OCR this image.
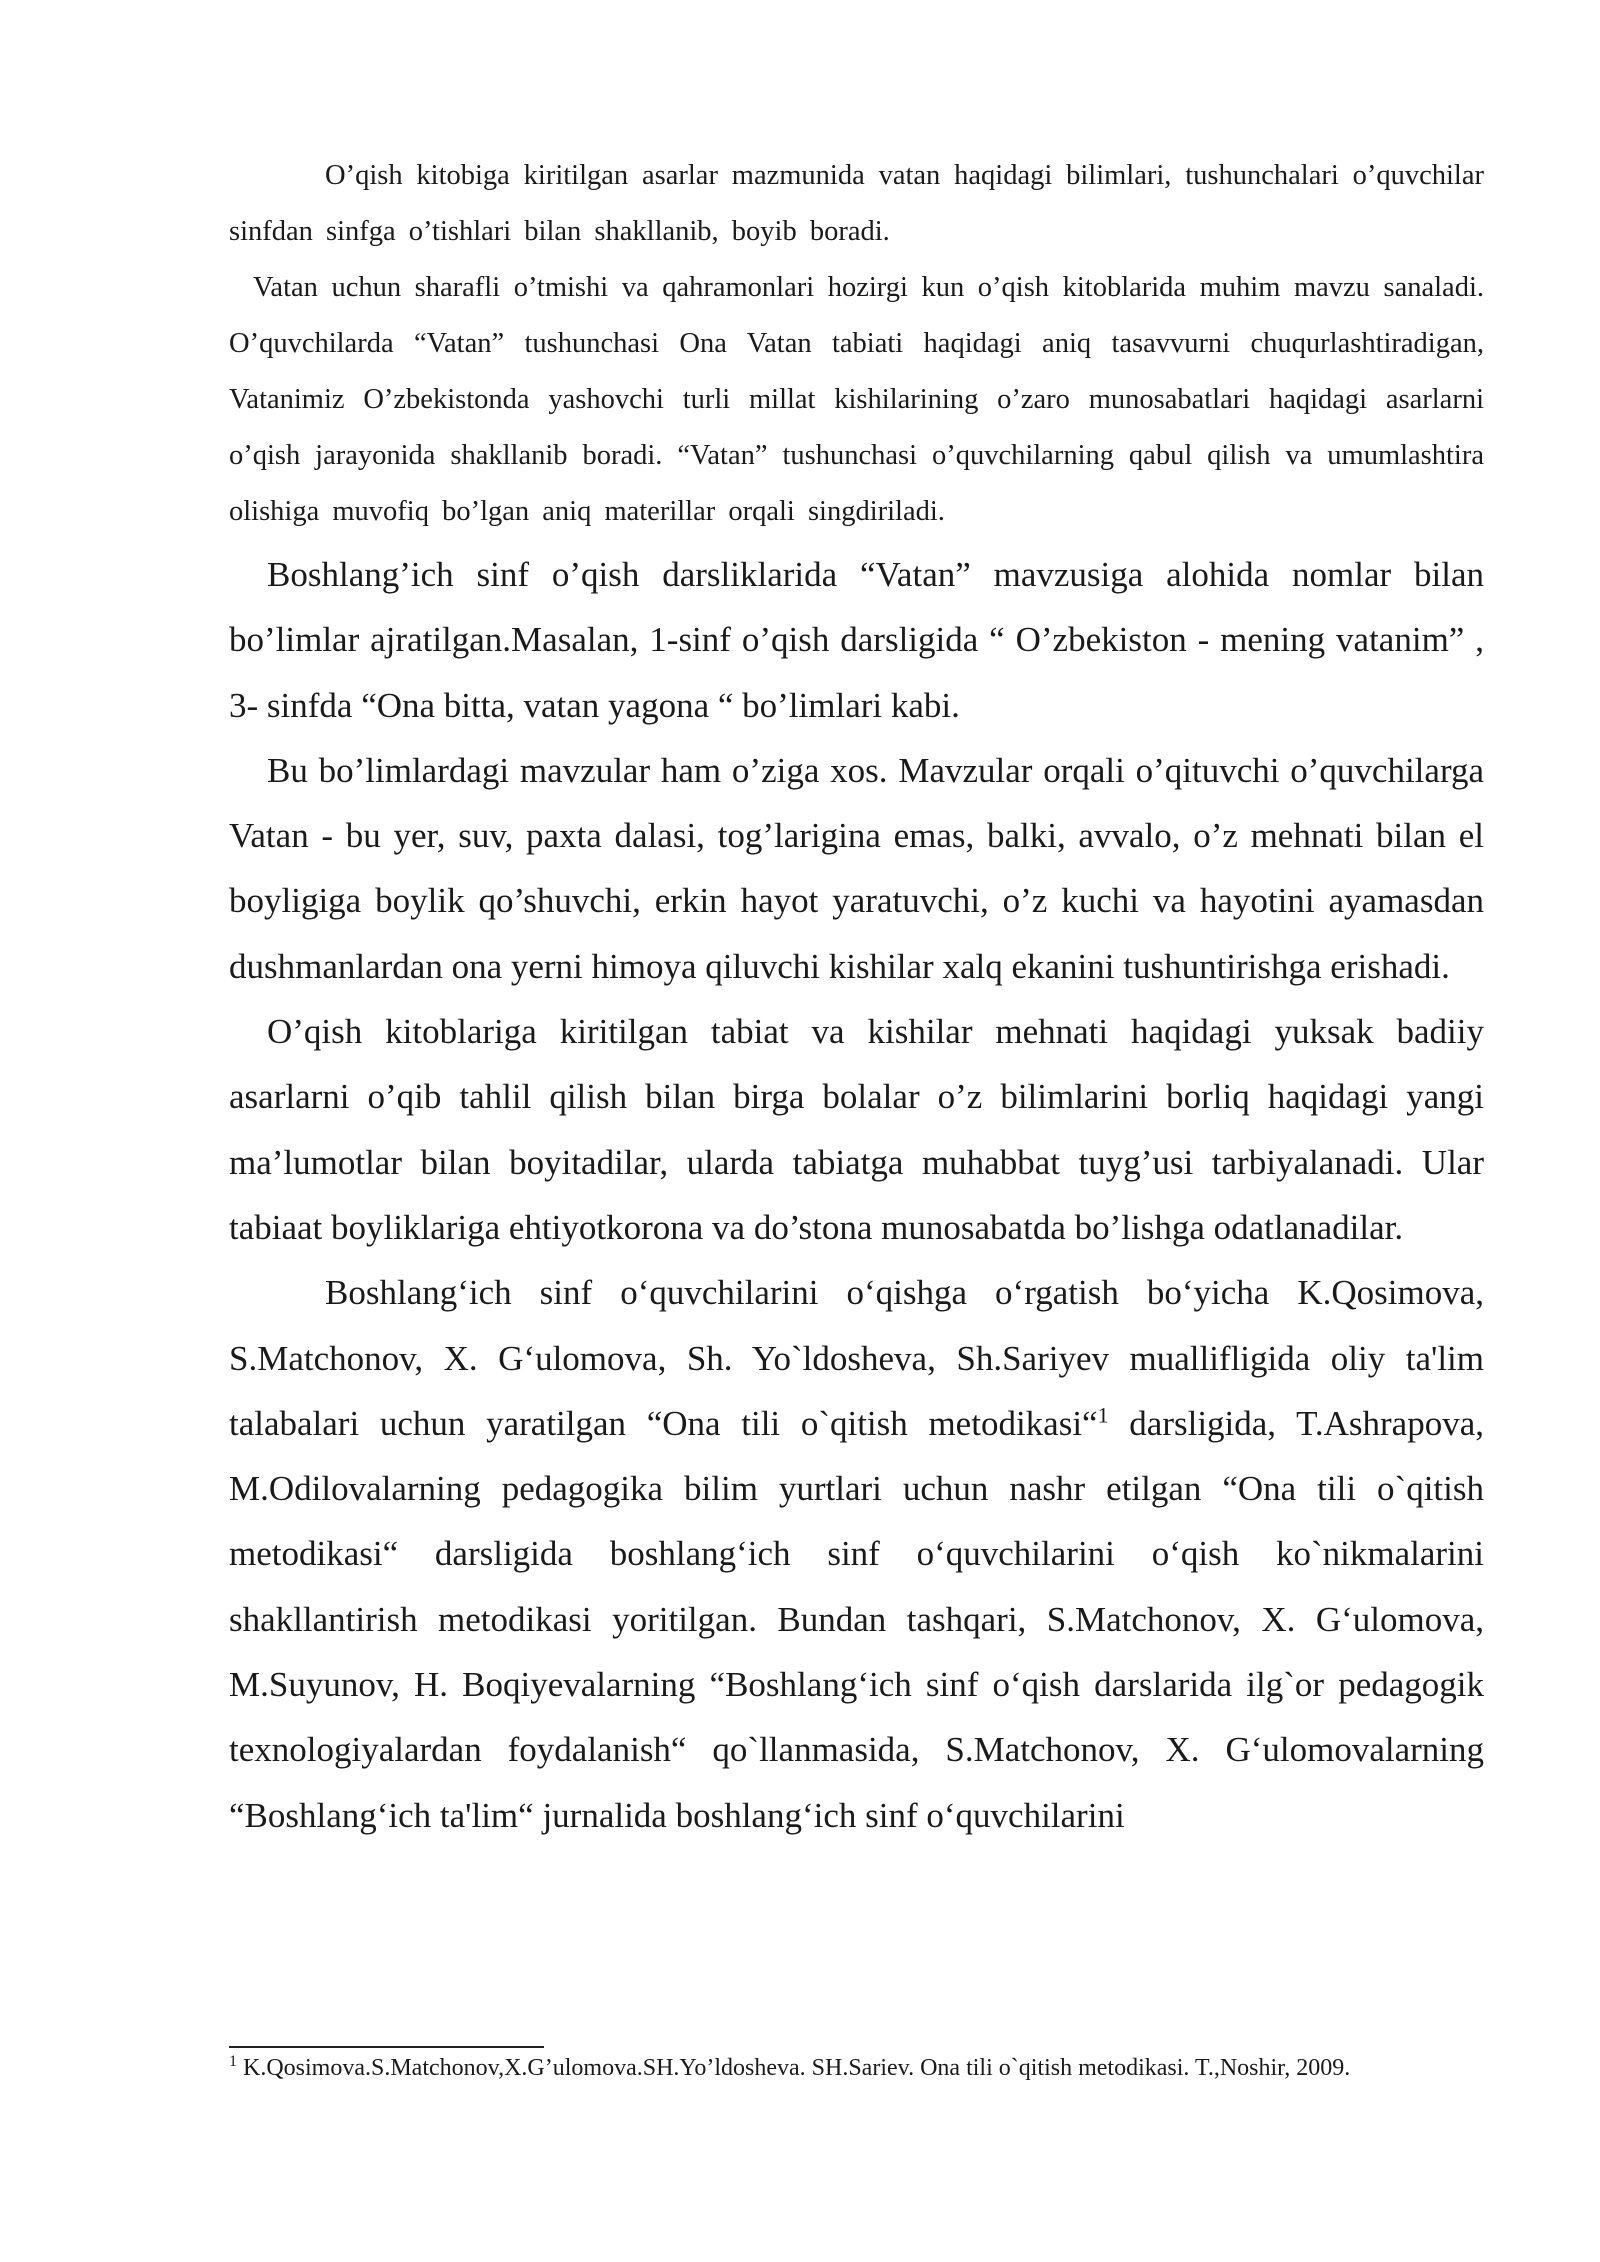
O’qish kitobiga kiritilgan asarlar mazmunida vatan haqidagi bilimlari, tushunchalari o’quvchilar sinfdan sinfga o’tishlari bilan shakllanib, boyib boradi.

Vatan uchun sharafli o’tmishi va qahramonlari hozirgi kun o’qish kitoblarida muhim mavzu sanaladi. O’quvchilarda “Vatan” tushunchasi Ona Vatan tabiati haqidagi aniq tasavvurni chuqurlashtiradigan, Vatanimiz O’zbekistonda yashovchi turli millat kishilarining o’zaro munosabatlari haqidagi asarlarni o’qish jarayonida shakllanib boradi. “Vatan” tushunchasi o’quvchilarning qabul qilish va umumlashtira olishiga muvofiq bo’lgan aniq materillar orqali singdiriladi.

Boshlang’ich sinf o’qish darsliklarida “Vatan” mavzusiga alohida nomlar bilan bo’limlar ajratilgan.Masalan, 1-sinf o’qish darsligida “ O’zbekiston - mening vatanim” , 3- sinfda “Ona bitta, vatan yagona “ bo’limlari kabi.

Bu bo’limlardagi mavzular ham o’ziga xos. Mavzular orqali o’qituvchi o’quvchilarga Vatan - bu yer, suv, paxta dalasi, tog’larigina emas, balki, avvalo, o’z mehnati bilan el boyligiga boylik qo’shuvchi, erkin hayot yaratuvchi, o’z kuchi va hayotini ayamasdan dushmanlardan ona yerni himoya qiluvchi kishilar xalq ekanini tushuntirishga erishadi.

O’qish kitoblariga kiritilgan tabiat va kishilar mehnati haqidagi yuksak badiiy asarlarni o’qib tahlil qilish bilan birga bolalar o’z bilimlarini borliq haqidagi yangi ma’lumotlar bilan boyitadilar, ularda tabiatga muhabbat tuyg’usi tarbiyalanadi. Ular tabiaat boyliklariga ehtiyotkorona va do’stona munosabatda bo’lishga odatlanadilar.

Boshlangʻich sinf oʻquvchilarini oʻqishga oʻrgatish boʻyicha K.Qosimova, S.Matchonov, X. Gʻulomova, Sh. Yo`ldosheva, Sh.Sariyev muallifligida oliy ta'lim talabalari uchun yaratilgan “Ona tili o`qitish metodikasi“$^1$ darsligida, T.Ashrapova, M.Odilovalarning pedagogika bilim yurtlari uchun nashr etilgan “Ona tili o`qitish metodikasi“ darsligida boshlangʻich sinf oʻquvchilarini oʻqish ko`nikmalarini shakllantirish metodikasi yoritilgan. Bundan tashqari, S.Matchonov, X. Gʻulomova, M.Suyunov, H. Boqiyevalarning “Boshlangʻich sinf oʻqish darslarida ilg`or pedagogik texnologiyalardan foydalanish“ qo`llanmasida, S.Matchonov, X. Gʻulomovalarning “Boshlangʻich ta'lim“ jurnalida boshlangʻich sinf oʻquvchilarini

$^1$ K.Qosimova.S.Matchonov,X.G’ulomova.SH.Yo’ldosheva. SH.Sariev. Ona tili o`qitish metodikasi. T.,Noshir, 2009.
